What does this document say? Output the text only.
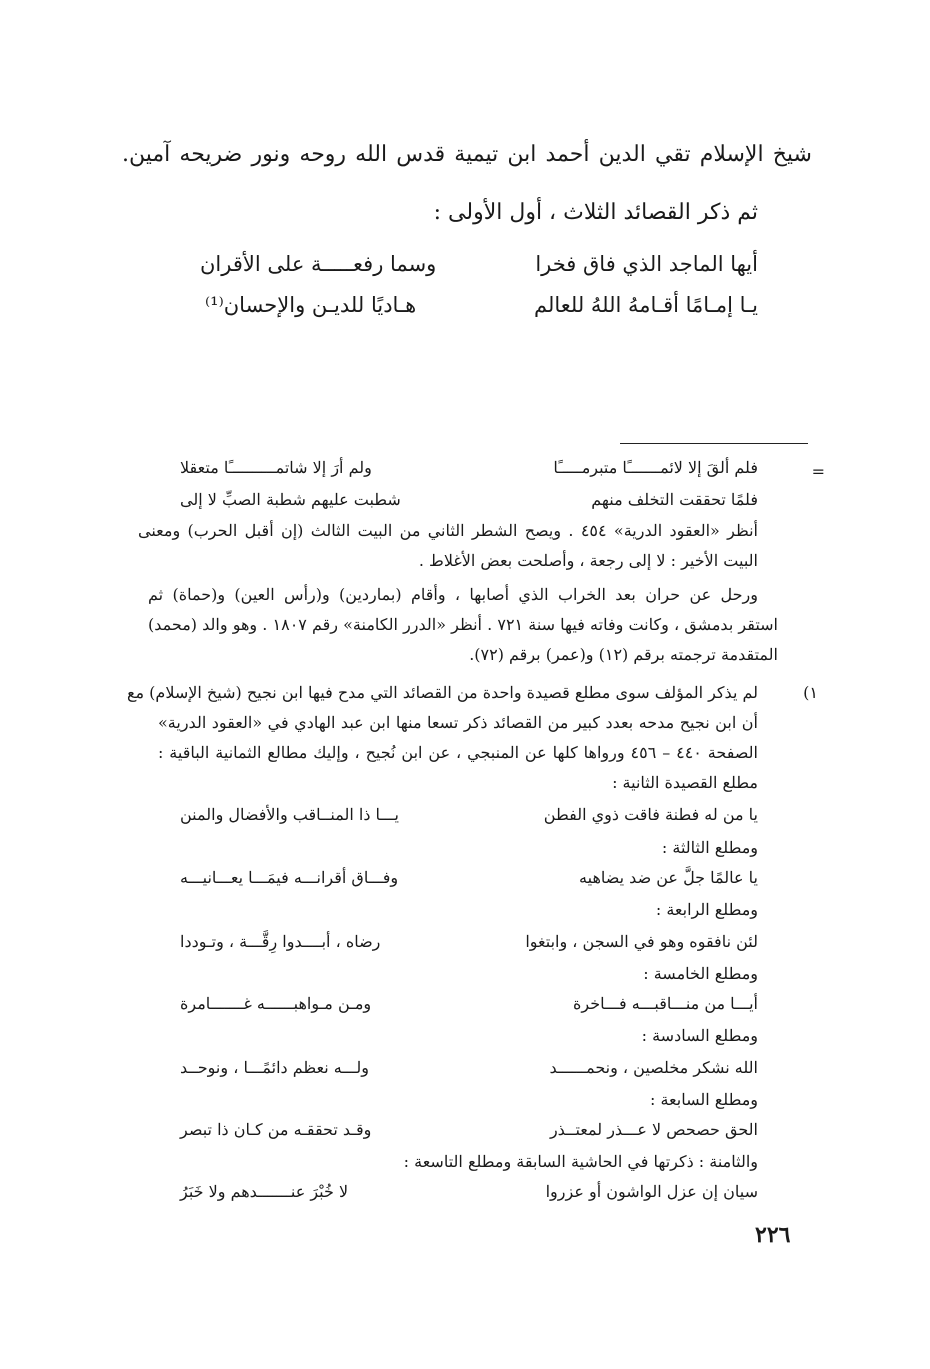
شيخ الإسلام تقي الدين أحمد ابن تيمية قدس الله روحه ونور ضريحه آمين.
ثم ذكر القصائد الثلاث ، أول الأولى :
أيها الماجد الذي فاق فخرا
وسما رفعـــــة على الأقران
يـا إمـامًا أقـامهُ اللهُ للعالم
هـاديًا للديـن والإحسان⁽¹⁾
=
فلم ألقَ إلا لائمـــــــًا متبرمـــــًا
ولم أرَ إلا شاتمــــــــــًا متعقلا
فلمًا تحققت التخلف منهم
شطبت عليهم شطبة الصبِّ لا إلى
أنظر «العقود الدرية» ٤٥٤ . ويصح الشطر الثاني من البيت الثالث (إن أقبل الحرب) ومعنى
البيت الأخير : لا إلى رجعة ، وأصلحت بعض الأغلاط .
ورحل عن حران بعد الخراب الذي أصابها ، وأقام (بماردين) و(رأس العين) و(حماة) ثم
استقر بدمشق ، وكانت وفاته فيها سنة ٧٢١ . أنظر «الدرر الكامنة» رقم ١٨٠٧ . وهو والد (محمد)
المتقدمة ترجمته برقم (١٢) و(عمر) برقم (٧٢).
١)
لم يذكر المؤلف سوى مطلع قصيدة واحدة من القصائد التي مدح فيها ابن نجيح (شيخ الإسلام) مع
أن ابن نجيح مدحه بعدد كبير من القصائد ذكر تسعا منها ابن عبد الهادي في «العقود الدرية»
الصفحة ٤٤٠ – ٤٥٦ ورواها كلها عن المنبجي ، عن ابن نُجيح ، وإليك مطالع الثمانية الباقية :
مطلع القصيدة الثانية :
يا من له فطنة فاقت ذوي الفطن
يـــا ذا المنــاقب والأفضال والمنن
ومطلع الثالثة :
يا عالمًا جلَّ عن ضد يضاهيه
وفـــاق أقرانـــه فيمَـــا يعـــانيـــه
ومطلع الرابعة :
لئن نافقوه وهو في السجن ، وابتغوا
رضاه ، أبــــدوا رِقَّـــة ، وتـوددا
ومطلع الخامسة :
أيـــا من منـــاقبـــه فـــاخرة
ومـن مـواهبــــــه غـــــــامرة
ومطلع السادسة :
الله نشكر مخلصين ، ونحمــــــد
ولـــه نعظم دائمًـــا ، ونوحــد
ومطلع السابعة :
الحق حصحص لا عـــذر لمعتــذر
وقـد تحققـه من كـان ذا تبصر
والثامنة : ذكرتها في الحاشية السابقة ومطلع التاسعة :
سيان إن عزل الواشون أو عزروا
لا خُبْرَ عنـــــــدهم ولا خَبَرُ
٢٢٦
